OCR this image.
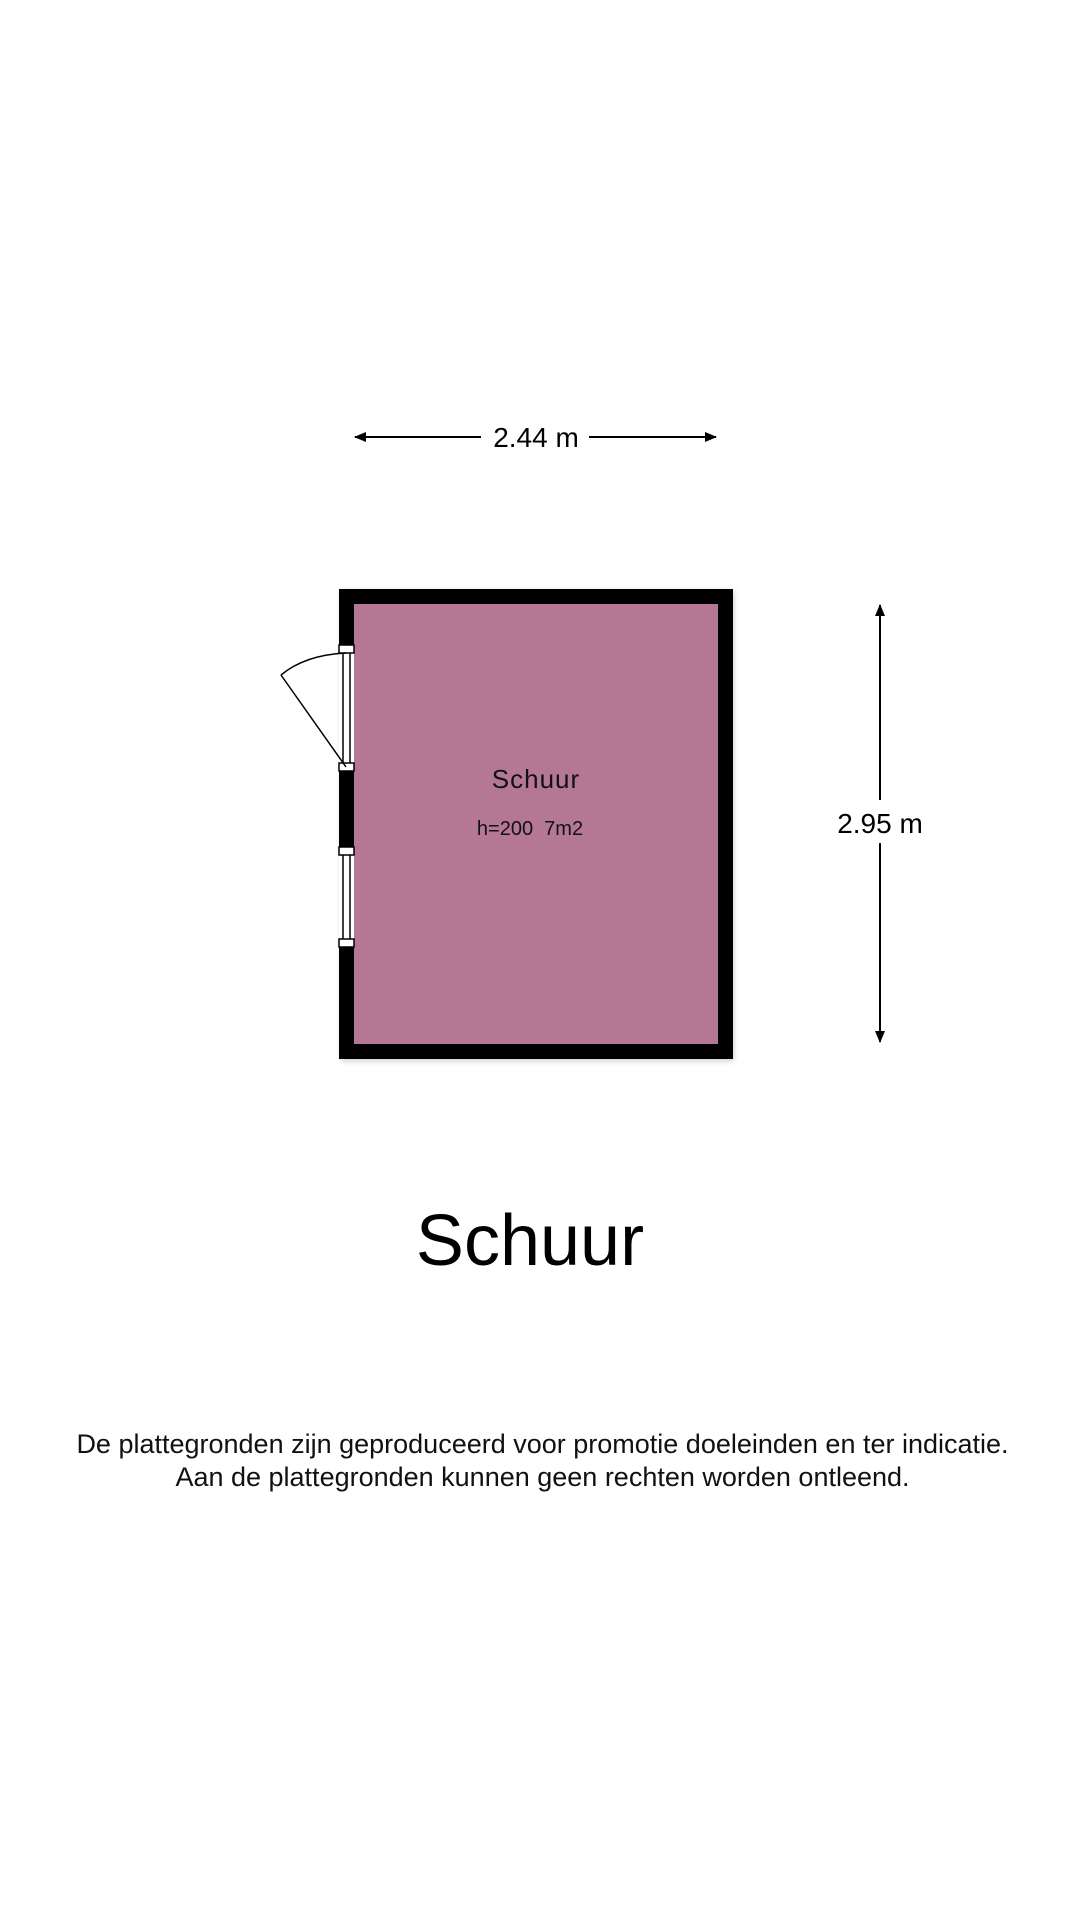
2.44 m
2.95 m
Schuur
h=200  7m2
Schuur
De plattegronden zijn geproduceerd voor promotie doeleinden en ter indicatie.
Aan de plattegronden kunnen geen rechten worden ontleend.
